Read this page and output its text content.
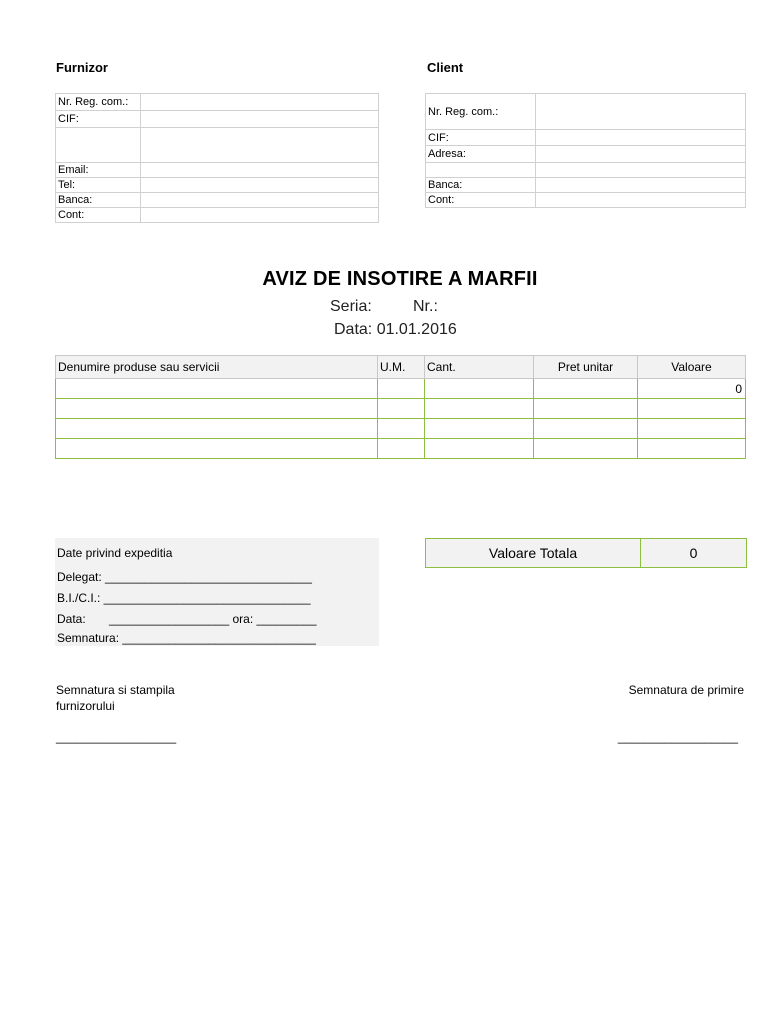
Furnizor	Client
Nr. Reg. com.:	
CIF:	

Email:	
Tel:	
Banca:	
Cont:	
Nr. Reg. com.:	
CIF:	
Adresa:	

Banca:	
Cont:	
AVIZ DE INSOTIRE A MARFII
Seria:	Nr.:
Data: 01.01.2016
Denumire produse sau servicii	U.M.	Cant.	Pret unitar	Valoare
				0

Date privind expeditia
Delegat: _______________________________
B.I./C.I.: _______________________________
Data:       __________________ ora: _________
Semnatura: _____________________________
Valoare Totala	0
Semnatura si stampila
furnizorului
__________________
Semnatura de primire
__________________
